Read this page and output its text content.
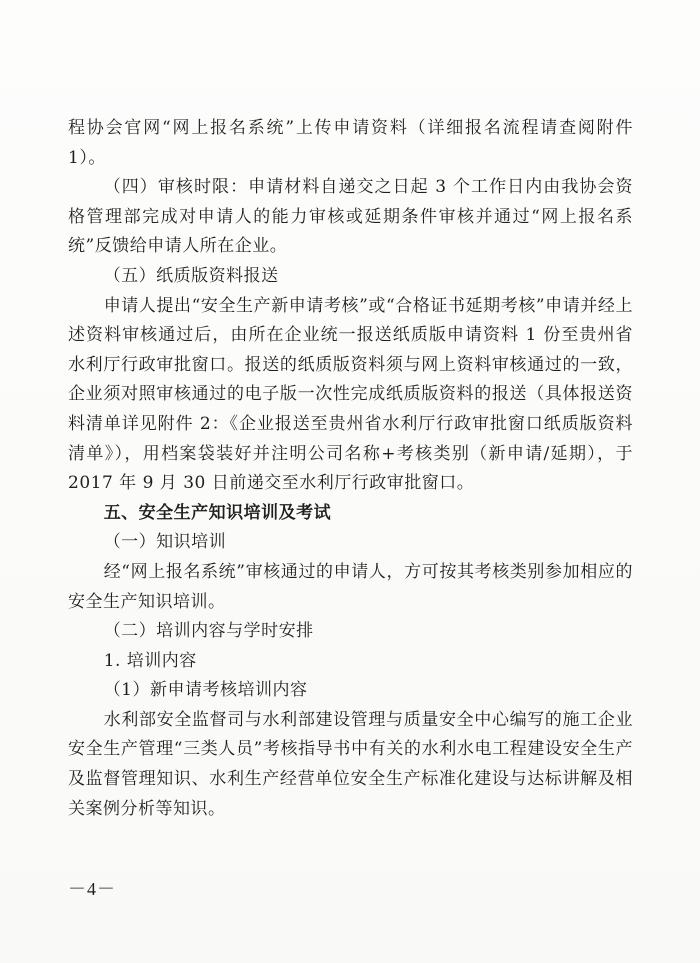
程协会官网“网上报名系统”上传申请资料（详细报名流程请查阅附件 1）。

（四）审核时限：申请材料自递交之日起 3 个工作日内由我协会资格管理部完成对申请人的能力审核或延期条件审核并通过“网上报名系统”反馈给申请人所在企业。

（五）纸质版资料报送

申请人提出“安全生产新申请考核”或“合格证书延期考核”申请并经上述资料审核通过后，由所在企业统一报送纸质版申请资料 1 份至贵州省水利厅行政审批窗口。报送的纸质版资料须与网上资料审核通过的一致，企业须对照审核通过的电子版一次性完成纸质版资料的报送（具体报送资料清单详见附件 2：《企业报送至贵州省水利厅行政审批窗口纸质版资料清单》），用档案袋装好并注明公司名称+考核类别（新申请/延期），于 2017 年 9 月 30 日前递交至水利厅行政审批窗口。

五、安全生产知识培训及考试

（一）知识培训

经“网上报名系统”审核通过的申请人，方可按其考核类别参加相应的安全生产知识培训。

（二）培训内容与学时安排

1. 培训内容

（1）新申请考核培训内容

水利部安全监督司与水利部建设管理与质量安全中心编写的施工企业安全生产管理“三类人员”考核指导书中有关的水利水电工程建设安全生产及监督管理知识、水利生产经营单位安全生产标准化建设与达标讲解及相关案例分析等知识。

－4－
